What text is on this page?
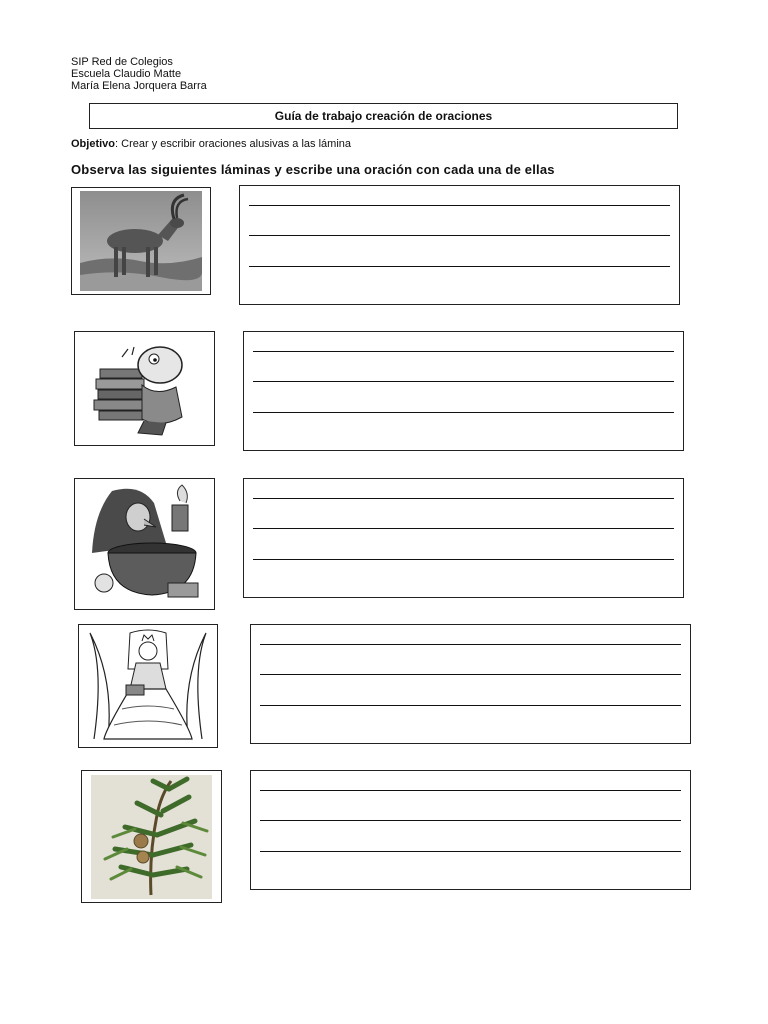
SIP Red de Colegios
Escuela Claudio Matte
María Elena Jorquera Barra
Guía de trabajo creación de oraciones
Objetivo: Crear y escribir oraciones alusivas a las lámina
Observa las siguientes láminas y escribe una oración con cada una de ellas
